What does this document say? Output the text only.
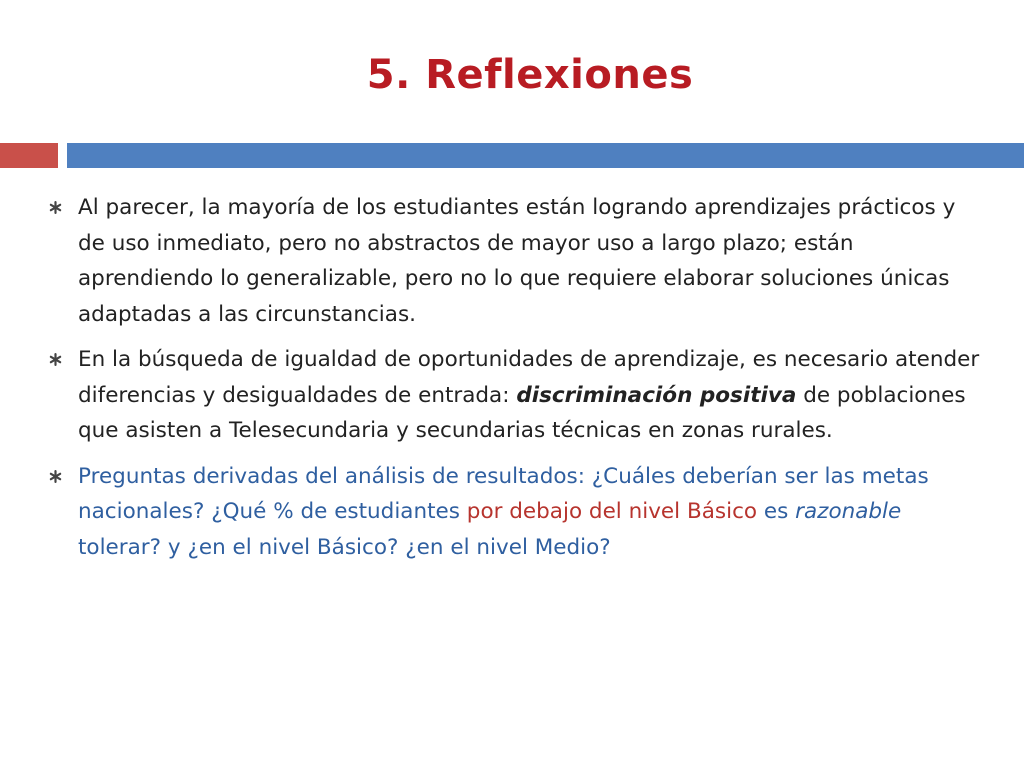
5. Reflexiones
Al parecer, la mayoría de los estudiantes están logrando aprendizajes prácticos y de uso inmediato, pero no abstractos de mayor uso a largo plazo; están aprendiendo lo generalizable, pero no lo que requiere elaborar soluciones únicas adaptadas a las circunstancias.
En la búsqueda de igualdad de oportunidades de aprendizaje, es necesario atender diferencias y desigualdades de entrada: discriminación positiva de poblaciones que asisten a Telesecundaria y secundarias técnicas en zonas rurales.
Preguntas derivadas del análisis de resultados: ¿Cuáles deberían ser las metas nacionales? ¿Qué % de estudiantes por debajo del nivel Básico es razonable tolerar? y ¿en el nivel Básico? ¿en el nivel Medio?
